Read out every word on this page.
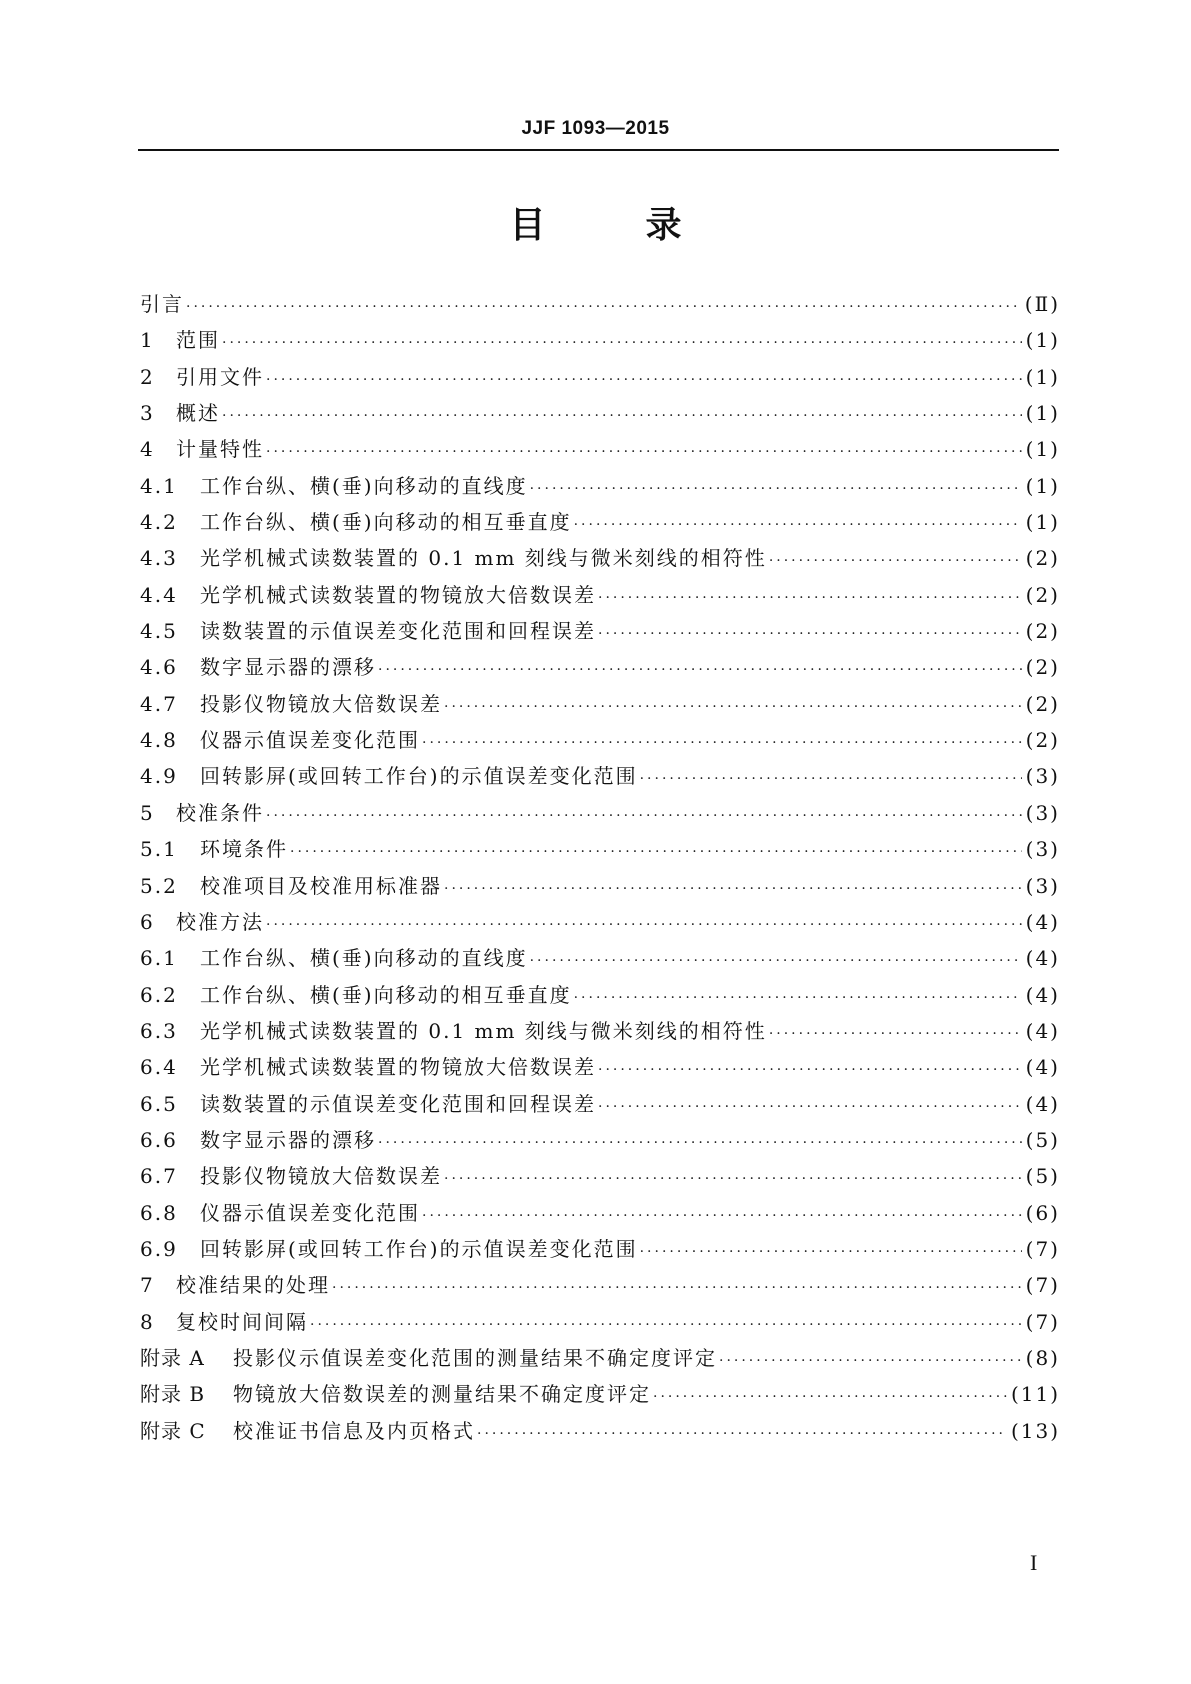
JJF 1093—2015
目	录
引言 ·····	(Ⅱ)
1	范围 ·····	(1)
2	引用文件 ·····	(1)
3	概述 ·····	(1)
4	计量特性 ·····	(1)
4.1	工作台纵、横(垂)向移动的直线度 ·····	(1)
4.2	工作台纵、横(垂)向移动的相互垂直度 ·····	(1)
4.3	光学机械式读数装置的 0.1 mm 刻线与微米刻线的相符性 ·····	(2)
4.4	光学机械式读数装置的物镜放大倍数误差 ·····	(2)
4.5	读数装置的示值误差变化范围和回程误差 ·····	(2)
4.6	数字显示器的漂移 ·····	(2)
4.7	投影仪物镜放大倍数误差 ·····	(2)
4.8	仪器示值误差变化范围 ·····	(2)
4.9	回转影屏(或回转工作台)的示值误差变化范围 ·····	(3)
5	校准条件 ·····	(3)
5.1	环境条件 ·····	(3)
5.2	校准项目及校准用标准器 ·····	(3)
6	校准方法 ·····	(4)
6.1	工作台纵、横(垂)向移动的直线度 ·····	(4)
6.2	工作台纵、横(垂)向移动的相互垂直度 ·····	(4)
6.3	光学机械式读数装置的 0.1 mm 刻线与微米刻线的相符性 ·····	(4)
6.4	光学机械式读数装置的物镜放大倍数误差 ·····	(4)
6.5	读数装置的示值误差变化范围和回程误差 ·····	(4)
6.6	数字显示器的漂移 ·····	(5)
6.7	投影仪物镜放大倍数误差 ·····	(5)
6.8	仪器示值误差变化范围 ·····	(6)
6.9	回转影屏(或回转工作台)的示值误差变化范围 ·····	(7)
7	校准结果的处理 ·····	(7)
8	复校时间间隔 ·····	(7)
附录 A	投影仪示值误差变化范围的测量结果不确定度评定 ·····	(8)
附录 B	物镜放大倍数误差的测量结果不确定度评定 ·····	(11)
附录 C	校准证书信息及内页格式 ·····	(13)
I
